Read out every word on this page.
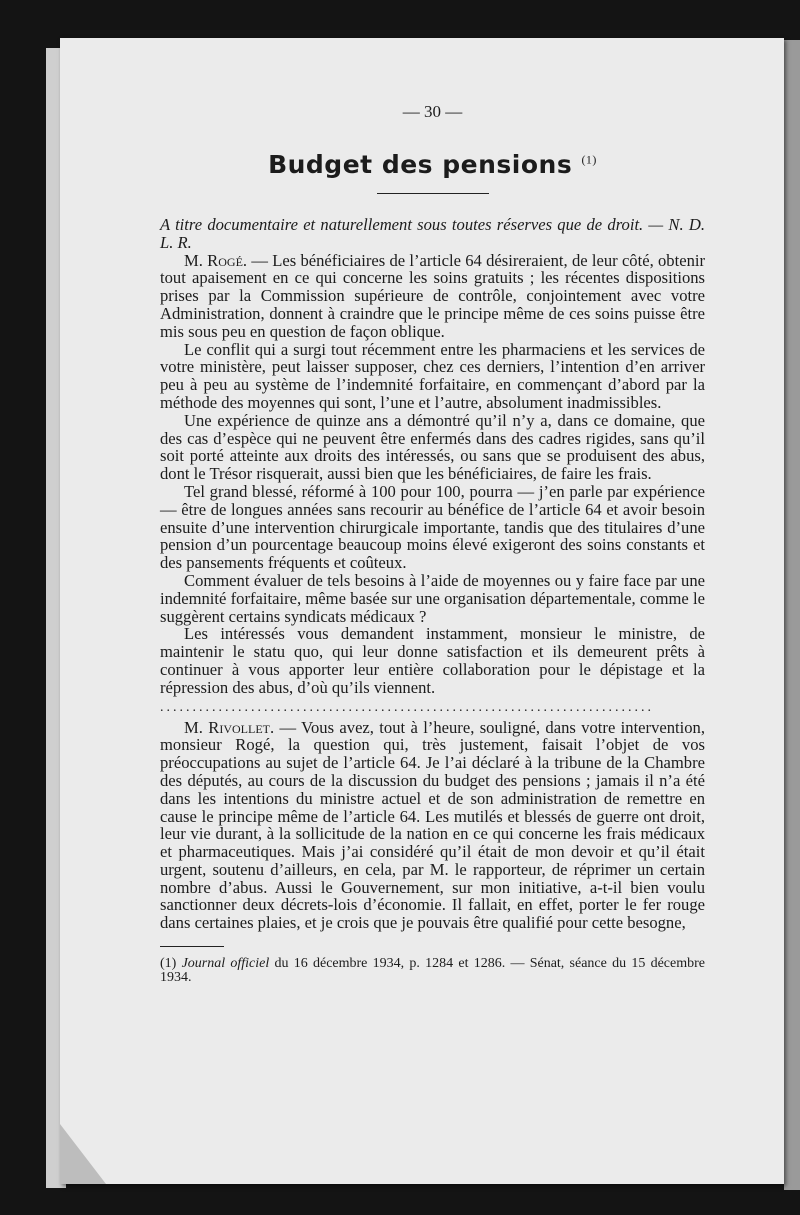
— 30 —
Budget des pensions $^{(1)}$

A titre documentaire et naturellement sous toutes réserves que de droit. — N. D. L. R.

M. Rogé. — Les bénéficiaires de l’article 64 désireraient, de leur côté, obtenir tout apaisement en ce qui concerne les soins gratuits ; les récentes dispositions prises par la Commission supérieure de contrôle, conjointement avec votre Administration, donnent à craindre que le principe même de ces soins puisse être mis sous peu en question de façon oblique.

Le conflit qui a surgi tout récemment entre les pharmaciens et les services de votre ministère, peut laisser supposer, chez ces derniers, l’intention d’en arriver peu à peu au système de l’indemnité forfaitaire, en commençant d’abord par la méthode des moyennes qui sont, l’une et l’autre, absolument inadmissibles.

Une expérience de quinze ans a démontré qu’il n’y a, dans ce domaine, que des cas d’espèce qui ne peuvent être enfermés dans des cadres rigides, sans qu’il soit porté atteinte aux droits des intéressés, ou sans que se produisent des abus, dont le Trésor risquerait, aussi bien que les bénéficiaires, de faire les frais.

Tel grand blessé, réformé à 100 pour 100, pourra — j’en parle par expérience — être de longues années sans recourir au bénéfice de l’article 64 et avoir besoin ensuite d’une intervention chirurgicale importante, tandis que des titulaires d’une pension d’un pourcentage beaucoup moins élevé exigeront des soins constants et des pansements fréquents et coûteux.

Comment évaluer de tels besoins à l’aide de moyennes ou y faire face par une indemnité forfaitaire, même basée sur une organisation départementale, comme le suggèrent certains syndicats médicaux ?

Les intéressés vous demandent instamment, monsieur le ministre, de maintenir le statu quo, qui leur donne satisfaction et ils demeurent prêts à continuer à vous apporter leur entière collaboration pour le dépistage et la répression des abus, d’où qu’ils viennent.

............................................................................

M. Rivollet. — Vous avez, tout à l’heure, souligné, dans votre intervention, monsieur Rogé, la question qui, très justement, faisait l’objet de vos préoccupations au sujet de l’article 64. Je l’ai déclaré à la tribune de la Chambre des députés, au cours de la discussion du budget des pensions ; jamais il n’a été dans les intentions du ministre actuel et de son administration de remettre en cause le principe même de l’article 64. Les mutilés et blessés de guerre ont droit, leur vie durant, à la sollicitude de la nation en ce qui concerne les frais médicaux et pharmaceutiques. Mais j’ai considéré qu’il était de mon devoir et qu’il était urgent, soutenu d’ailleurs, en cela, par M. le rapporteur, de réprimer un certain nombre d’abus. Aussi le Gouvernement, sur mon initiative, a-t-il bien voulu sanctionner deux décrets-lois d’économie. Il fallait, en effet, porter le fer rouge dans certaines plaies, et je crois que je pouvais être qualifié pour cette besogne,

(1) Journal officiel du 16 décembre 1934, p. 1284 et 1286. — Sénat, séance du 15 décembre 1934.
